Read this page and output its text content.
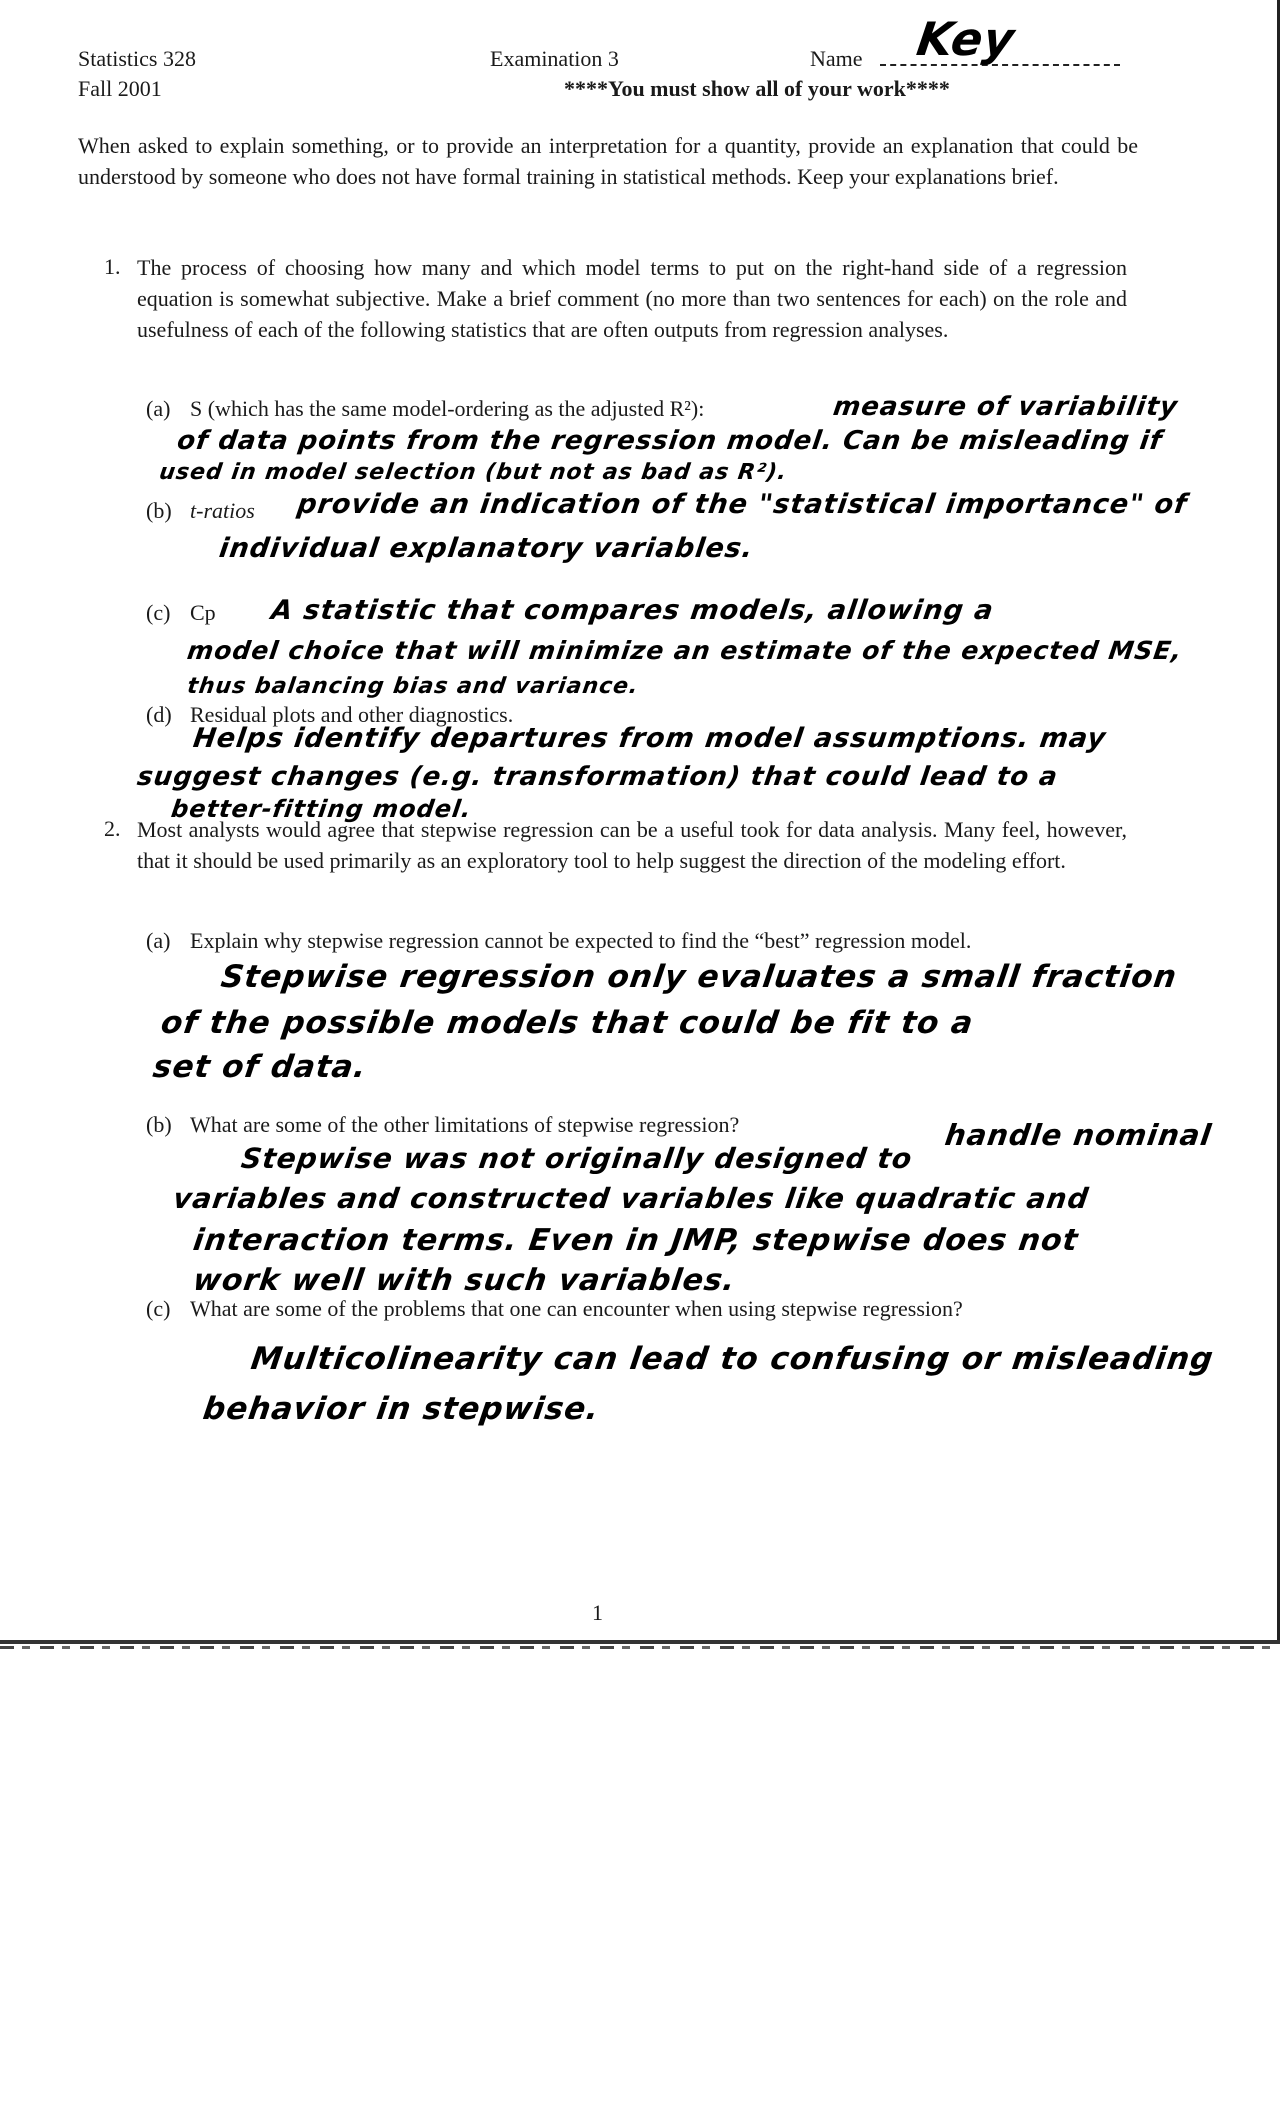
Statistics 328
Fall 2001
Examination 3	Name Key
****You must show all of your work****
When asked to explain something, or to provide an interpretation for a quantity, provide an explanation that could be understood by someone who does not have formal training in statistical methods. Keep your explanations brief.
1. The process of choosing how many and which model terms to put on the right-hand side of a regression equation is somewhat subjective. Make a brief comment (no more than two sentences for each) on the role and usefulness of each of the following statistics that are often outputs from regression analyses.
(a) S (which has the same model-ordering as the adjusted R²):	measure of variability
of data points from the regression model. Can be misleading if
used in model selection (but not as bad as R²).
(b) t-ratios provide an indication of the "statistical importance" of
individual explanatory variables.
(c) Cp A statistic that compares models, allowing a
model choice that will minimize an estimate of the expected MSE,
thus balancing bias and variance.
(d) Residual plots and other diagnostics.
Helps identify departures from model assumptions. may
suggest changes (e.g. transformation) that could lead to a
better-fitting model.
2. Most analysts would agree that stepwise regression can be a useful took for data analysis. Many feel, however, that it should be used primarily as an exploratory tool to help suggest the direction of the modeling effort.
(a) Explain why stepwise regression cannot be expected to find the “best” regression model.
Stepwise regression only evaluates a small fraction
of the possible models that could be fit to a
set of data.
(b) What are some of the other limitations of stepwise regression?	handle nominal
Stepwise was not originally designed to
variables and constructed variables like quadratic and
interaction terms. Even in JMP, stepwise does not
work well with such variables.
(c) What are some of the problems that one can encounter when using stepwise regression?
Multicolinearity can lead to confusing or misleading
behavior in stepwise.
1
